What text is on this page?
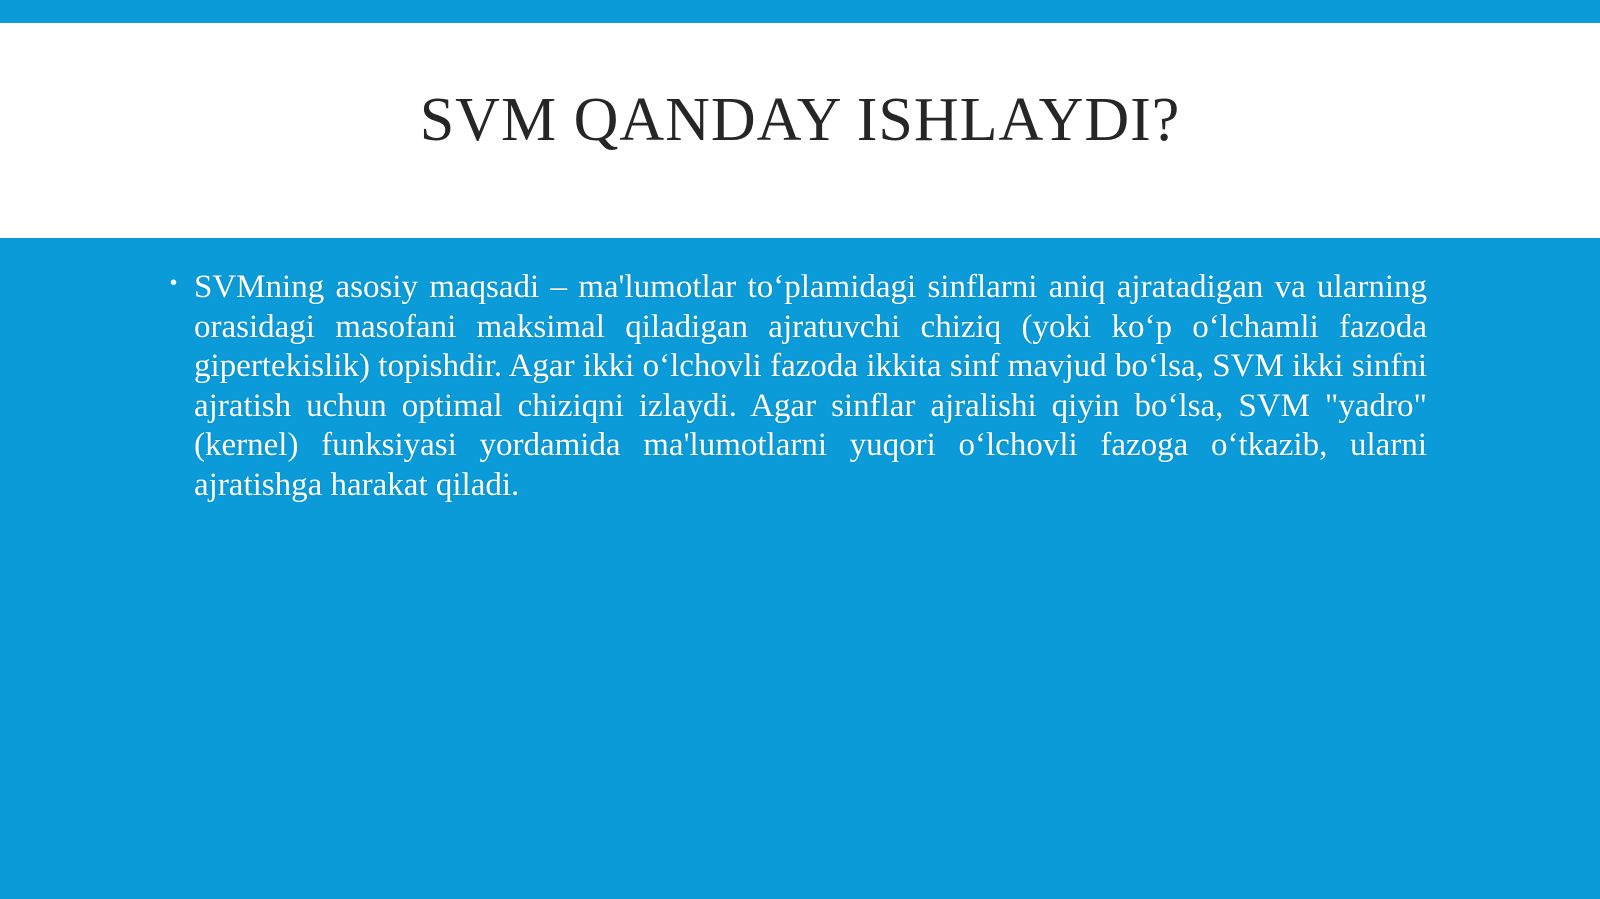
SVM QANDAY ISHLAYDI?
• SVMning asosiy maqsadi – ma'lumotlar to‘plamidagi sinflarni aniq ajratadigan va ularning orasidagi masofani maksimal qiladigan ajratuvchi chiziq (yoki ko‘p o‘lchamli fazoda gipertekislik) topishdir. Agar ikki o‘lchovli fazoda ikkita sinf mavjud bo‘lsa, SVM ikki sinfni ajratish uchun optimal chiziqni izlaydi. Agar sinflar ajralishi qiyin bo‘lsa, SVM "yadro" (kernel) funksiyasi yordamida ma'lumotlarni yuqori o‘lchovli fazoga o‘tkazib, ularni ajratishga harakat qiladi.
